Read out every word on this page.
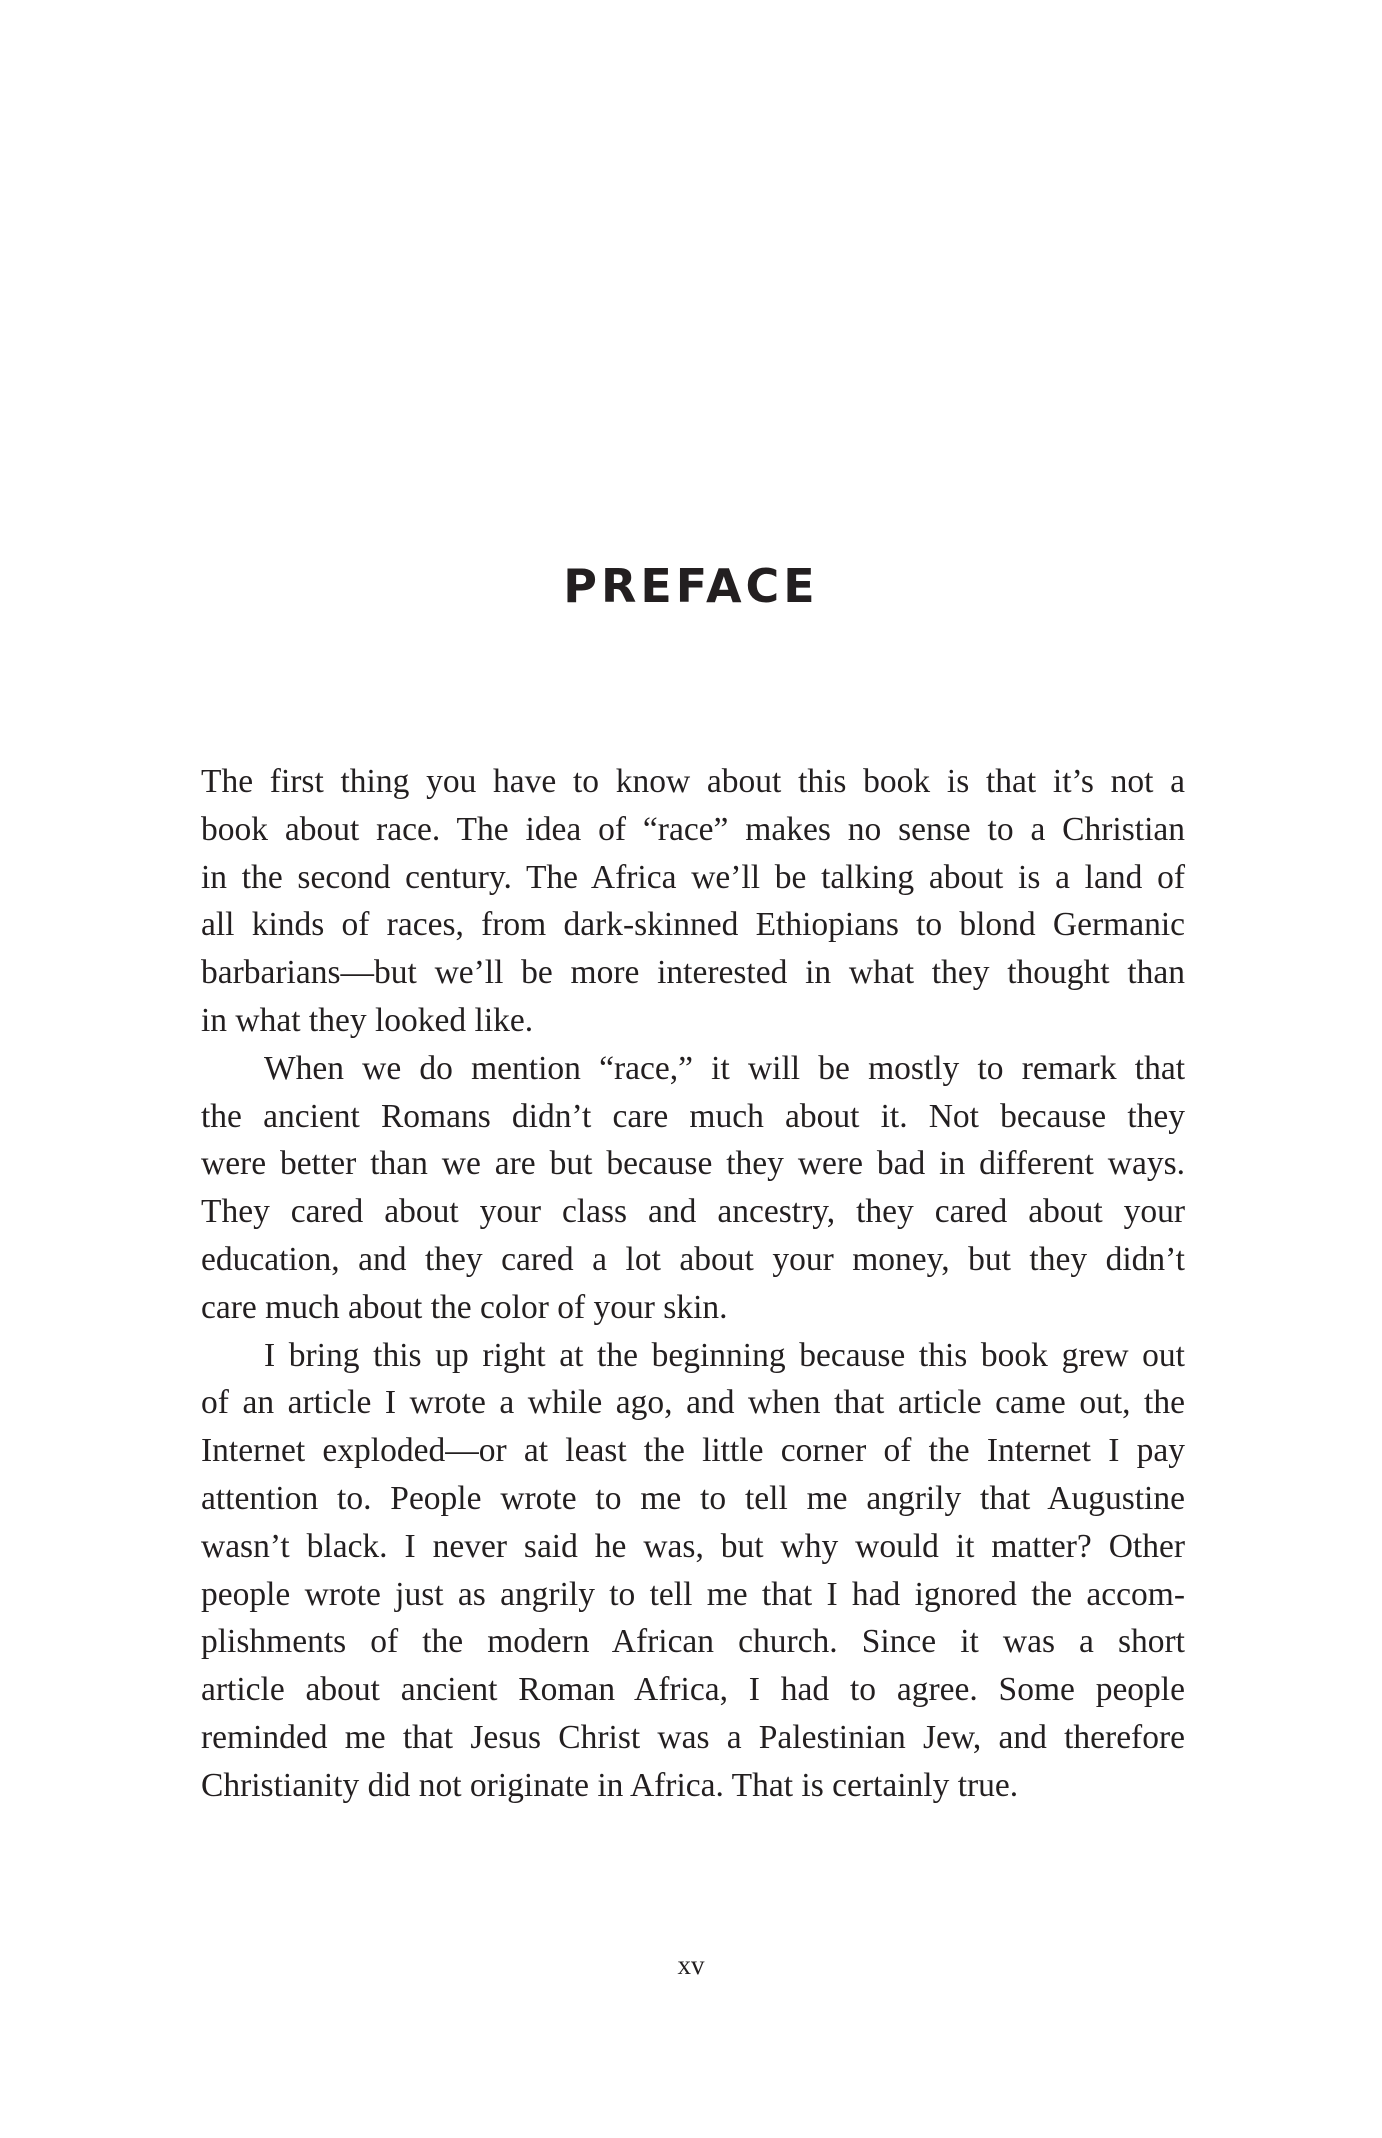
PREFACE
The first thing you have to know about this book is that it’s not a
book about race. The idea of “race” makes no sense to a Christian
in the second century. The Africa we’ll be talking about is a land of
all kinds of races, from dark-skinned Ethiopians to blond Germanic
barbarians—but we’ll be more interested in what they thought than
in what they looked like.
When we do mention “race,” it will be mostly to remark that
the ancient Romans didn’t care much about it. Not because they
were better than we are but because they were bad in different ways.
They cared about your class and ancestry, they cared about your
education, and they cared a lot about your money, but they didn’t
care much about the color of your skin.
I bring this up right at the beginning because this book grew out
of an article I wrote a while ago, and when that article came out, the
Internet exploded—or at least the little corner of the Internet I pay
attention to. People wrote to me to tell me angrily that Augustine
wasn’t black. I never said he was, but why would it matter? Other
people wrote just as angrily to tell me that I had ignored the accom-
plishments of the modern African church. Since it was a short
article about ancient Roman Africa, I had to agree. Some people
reminded me that Jesus Christ was a Palestinian Jew, and therefore
Christianity did not originate in Africa. That is certainly true.
xv
